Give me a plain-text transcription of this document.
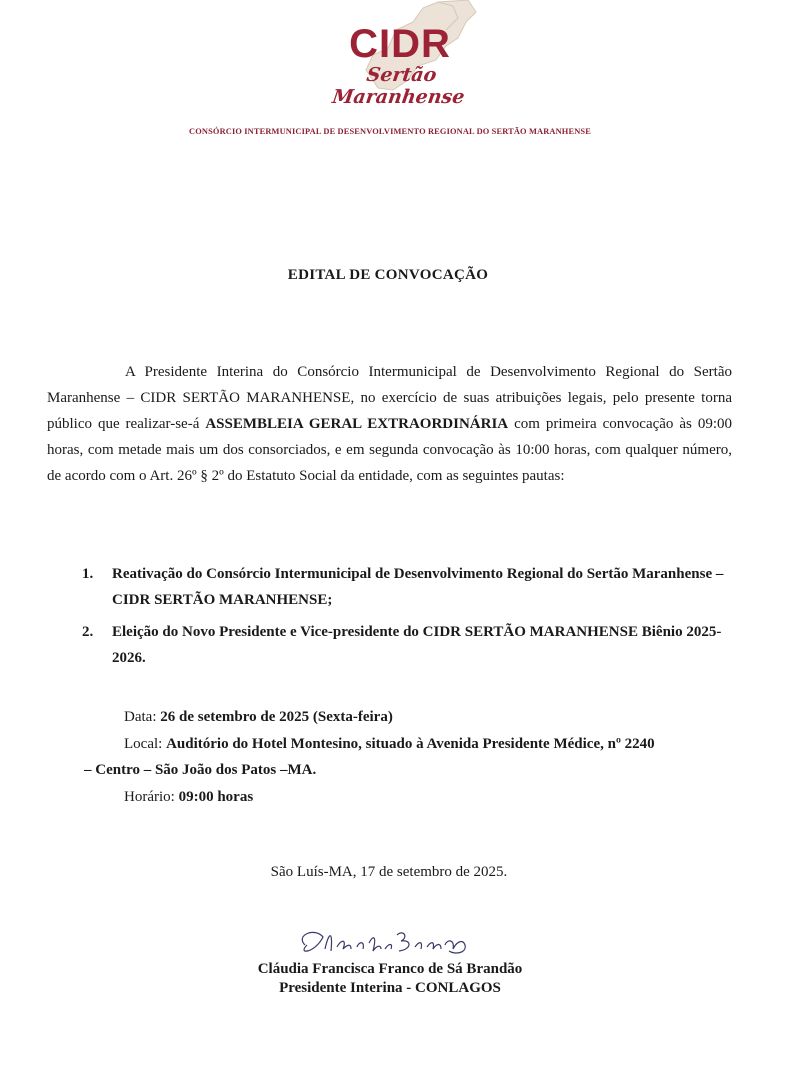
CIDR
Sertão Maranhense
CONSÓRCIO INTERMUNICIPAL DE DESENVOLVIMENTO REGIONAL DO SERTÃO MARANHENSE
EDITAL DE CONVOCAÇÃO
A Presidente Interina do Consórcio Intermunicipal de Desenvolvimento Regional do Sertão Maranhense – CIDR SERTÃO MARANHENSE, no exercício de suas atribuições legais, pelo presente torna público que realizar-se-á ASSEMBLEIA GERAL EXTRAORDINÁRIA com primeira convocação às 09:00 horas, com metade mais um dos consorciados, e em segunda convocação às 10:00 horas, com qualquer número, de acordo com o Art. 26º § 2º do Estatuto Social da entidade, com as seguintes pautas:
1. Reativação do Consórcio Intermunicipal de Desenvolvimento Regional do Sertão Maranhense – CIDR SERTÃO MARANHENSE;
2. Eleição do Novo Presidente e Vice-presidente do CIDR SERTÃO MARANHENSE Biênio 2025-2026.
Data: 26 de setembro de 2025 (Sexta-feira)
Local: Auditório do Hotel Montesino, situado à Avenida Presidente Médice, nº 2240
– Centro – São João dos Patos –MA.
Horário: 09:00 horas
São Luís-MA, 17 de setembro de 2025.
Cláudia Francisca Franco de Sá Brandão
Presidente Interina - CONLAGOS
